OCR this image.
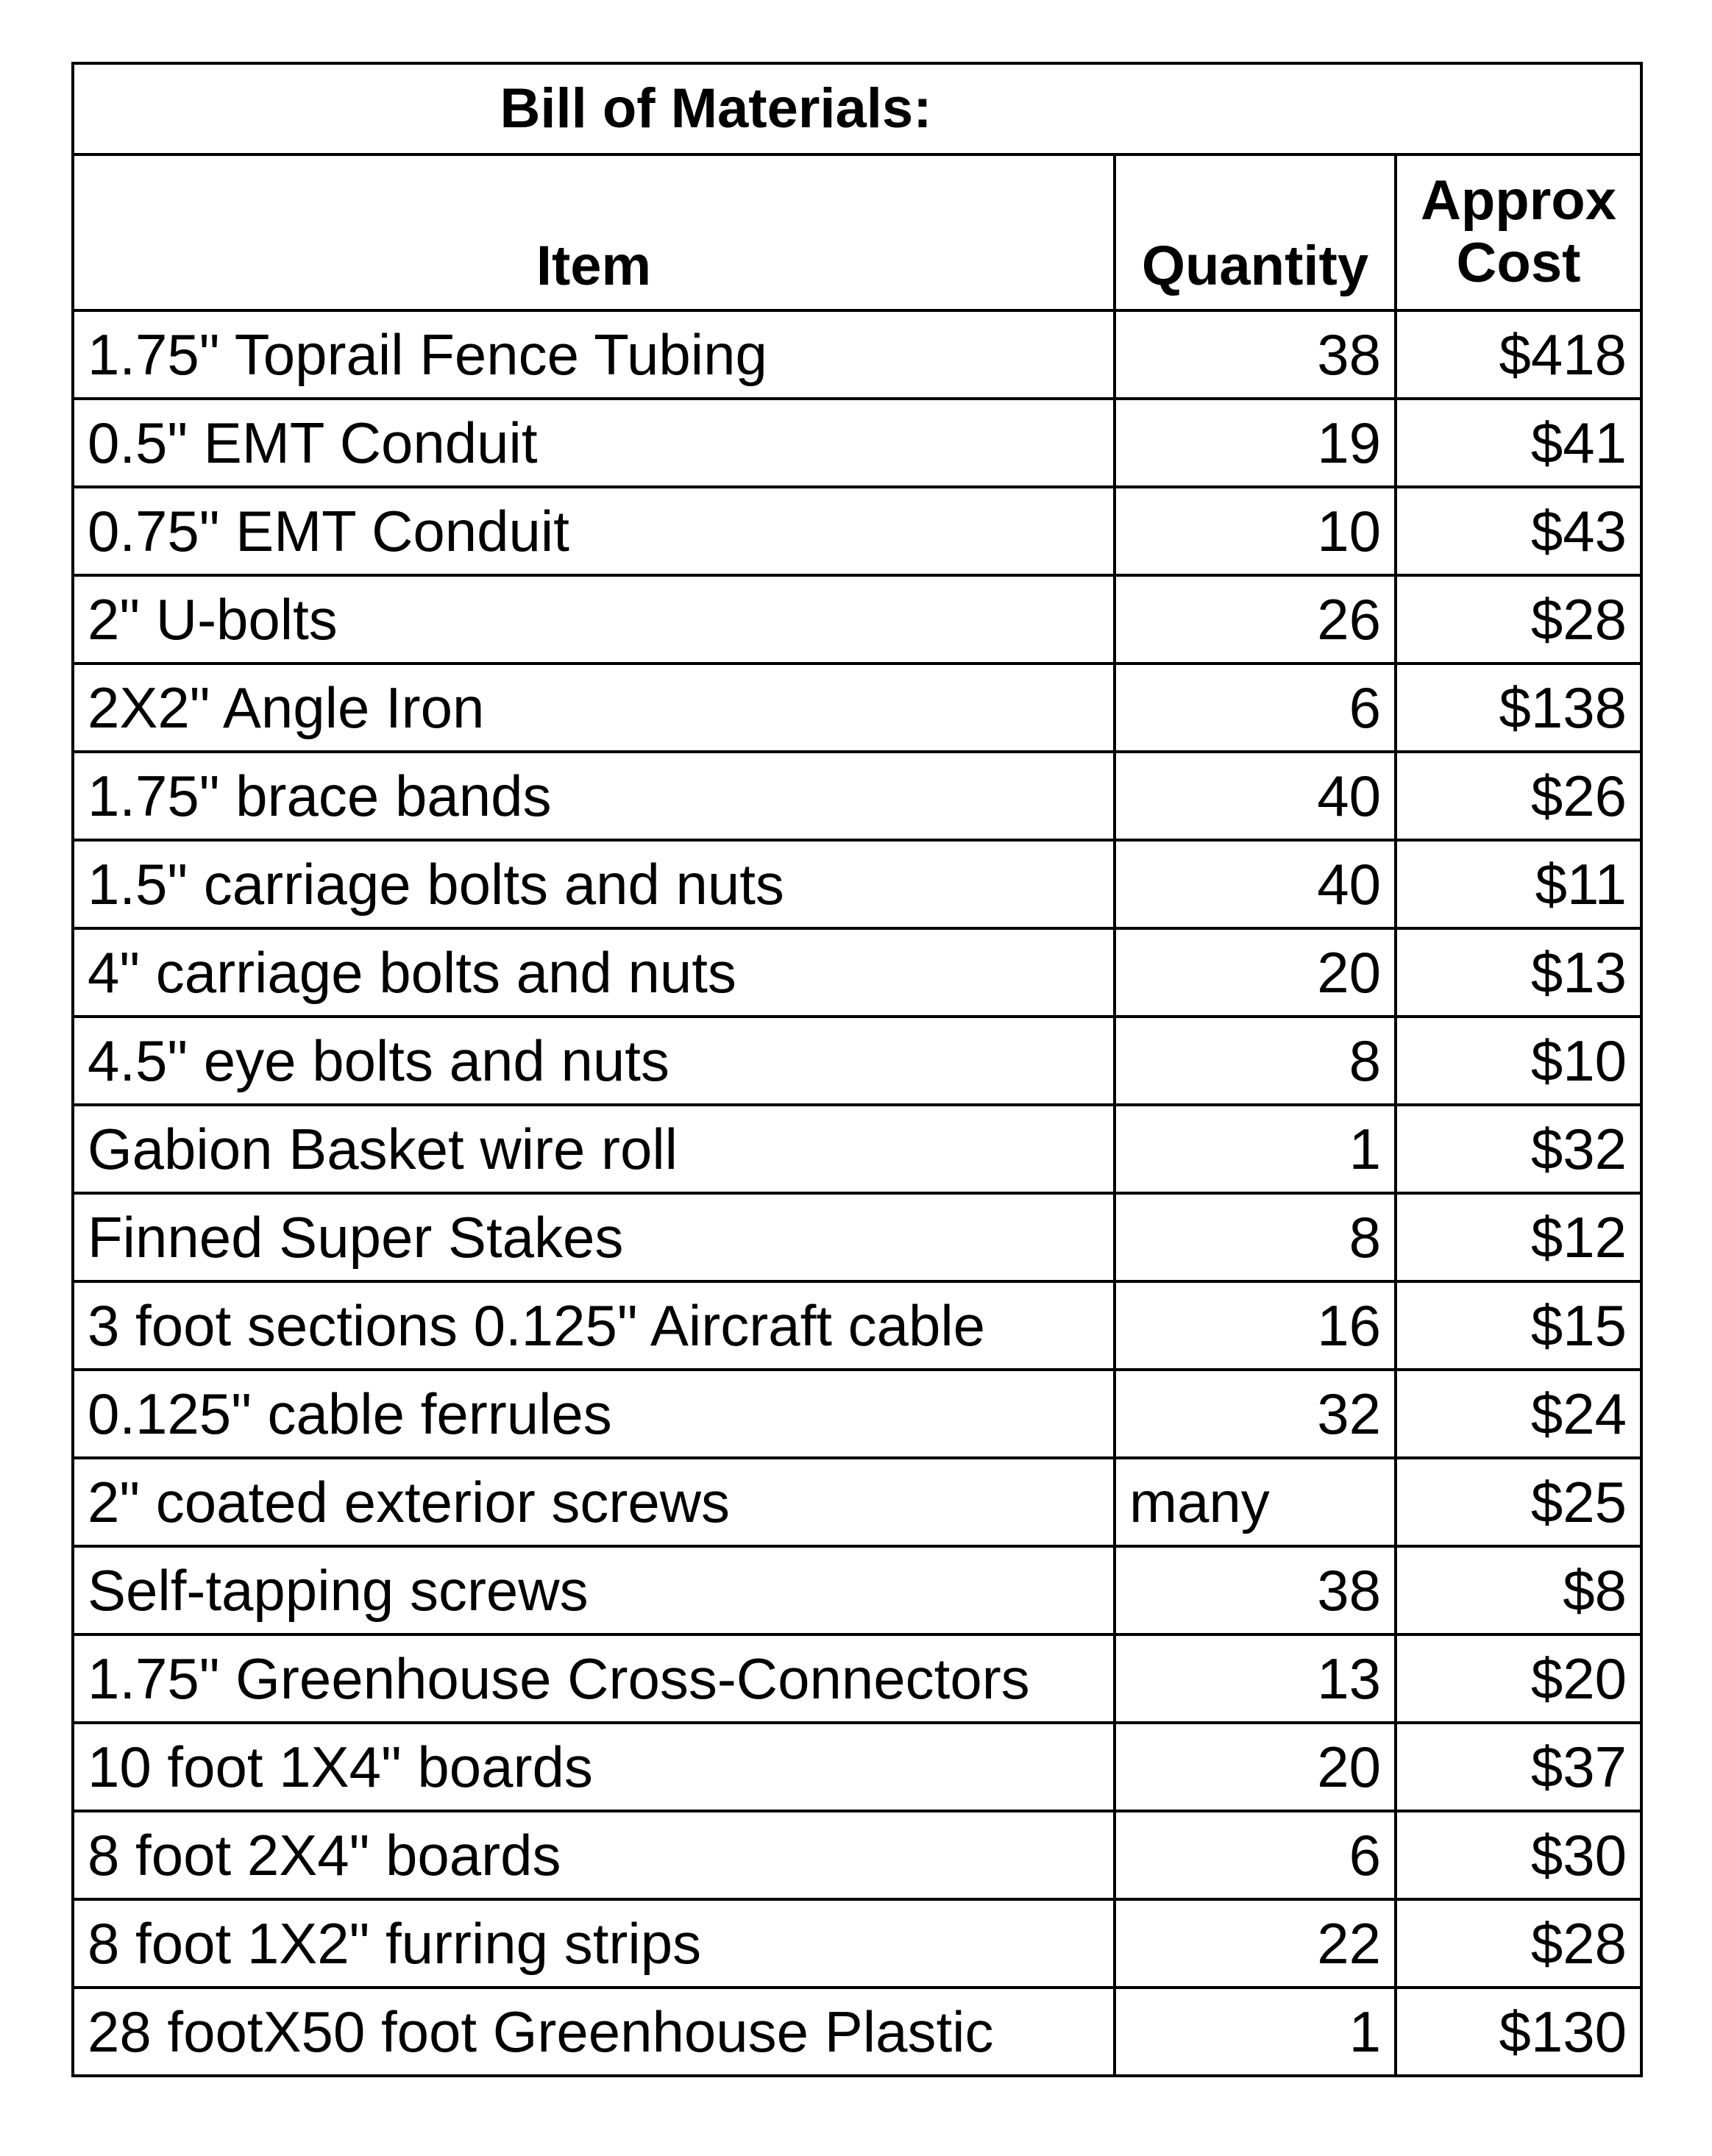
Bill of Materials:		
Item	Quantity	Approx
Cost
1.75" Toprail Fence Tubing	38	$418
0.5" EMT Conduit	19	$41
0.75" EMT Conduit	10	$43
2" U-bolts	26	$28
2X2" Angle Iron	6	$138
1.75" brace bands	40	$26
1.5" carriage bolts and nuts	40	$11
4" carriage bolts and nuts	20	$13
4.5" eye bolts and nuts	8	$10
Gabion Basket wire roll	1	$32
Finned Super Stakes	8	$12
3 foot sections 0.125" Aircraft cable	16	$15
0.125" cable ferrules	32	$24
2" coated exterior screws	many	$25
Self-tapping screws	38	$8
1.75" Greenhouse Cross-Connectors	13	$20
10 foot 1X4" boards	20	$37
8 foot 2X4" boards	6	$30
8 foot 1X2" furring strips	22	$28
28 footX50 foot Greenhouse Plastic	1	$130
